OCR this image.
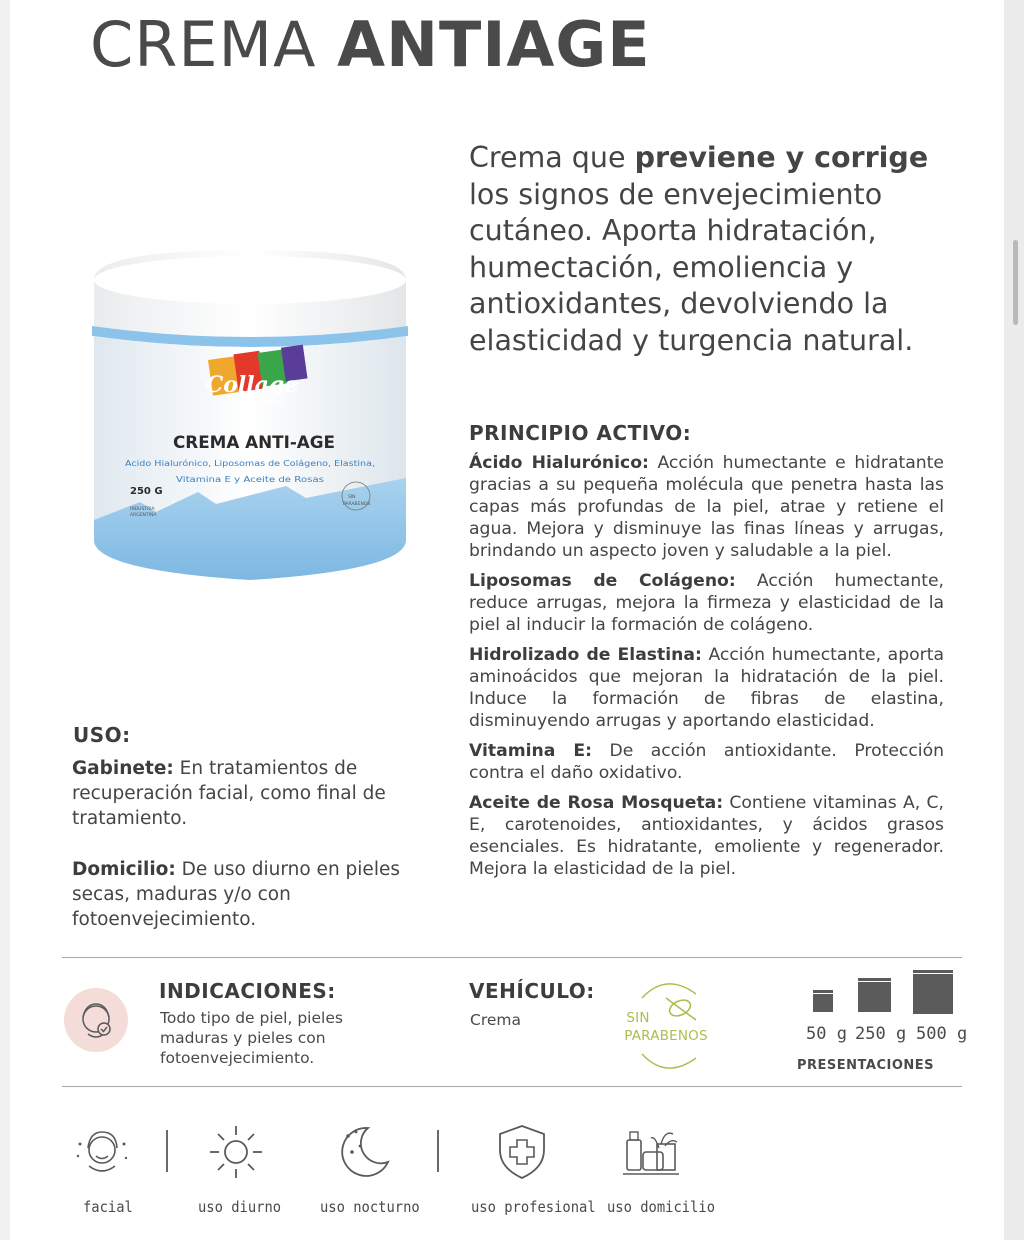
CREMA ANTIAGE
Crema que previene y corrige los signos de envejecimiento cutáneo. Aporta hidratación, humectación, emoliencia y antioxidantes, devolviendo la elasticidad y turgencia natural.
Collage
Cosmetiques
CREMA ANTI-AGE
Acido Hialurónico, Liposomas de Colágeno, Elastina,
Vitamina E y Aceite de Rosas
250 G
INDUSTRIA
ARGENTINA
SIN
PARABENOS
PRINCIPIO ACTIVO:

Ácido Hialurónico: Acción humectante e hidratante gracias a su pequeña molécula que penetra hasta las capas más profundas de la piel, atrae y retiene el agua. Mejora y disminuye las finas líneas y arrugas, brindando un aspecto joven y saludable a la piel.

Liposomas de Colágeno: Acción humectante, reduce arrugas, mejora la firmeza y elasticidad de la piel al inducir la formación de colágeno.

Hidrolizado de Elastina: Acción humectante, aporta aminoácidos que mejoran la hidratación de la piel. Induce la formación de fibras de elastina, disminuyendo arrugas y aportando elasticidad.

Vitamina E: De acción antioxidante. Protección contra el daño oxidativo.

Aceite de Rosa Mosqueta: Contiene vitaminas A, C, E, carotenoides, antioxidantes, y ácidos grasos esenciales. Es hidratante, emoliente y regenerador. Mejora la elasticidad de la piel.

USO:

Gabinete: En tratamientos de recuperación facial, como final de tratamiento.

Domicilio: De uso diurno en pieles secas, maduras y/o con fotoenvejecimiento.

INDICACIONES:
Todo tipo de piel, pieles maduras y pieles con fotoenvejecimiento.
VEHÍCULO:
Crema	SIN
PARABENOS	50 g 250 g 500 g
PRESENTACIONES
facial	uso diurno	uso nocturno	uso profesional uso domicilio
